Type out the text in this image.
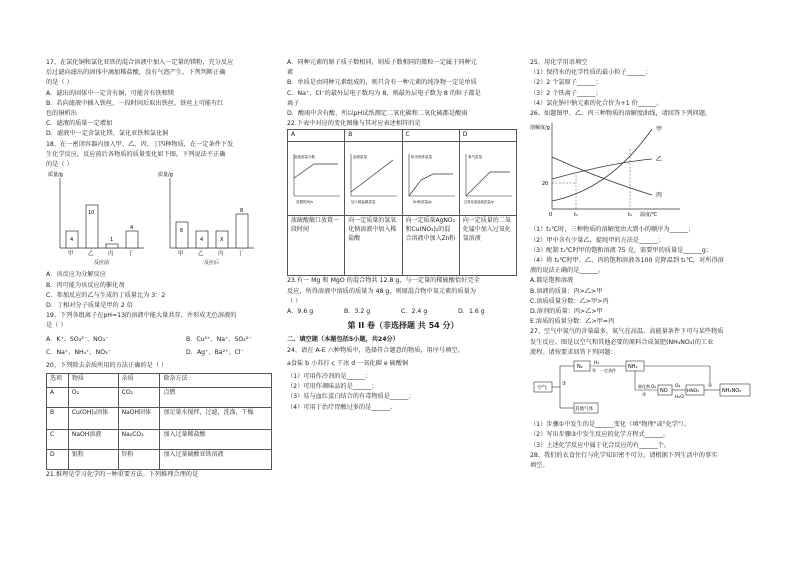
17、在氯化铜和氯化亚铁的混合溶液中加入一定量的镁粉，充分反应

后过滤向滤出的固体中滴加稀盐酸，没有气泡产生。下列判断正确

的是（ ）

A．滤出的固体中一定含有铜，可能含有铁和镁

B．若向滤液中插入铁丝，一段时间后取出铁丝，铁丝上可能有红

色的铜析出

C．滤液的质量一定增加

D．滤液中一定含氯化镁、氯化亚铁和氯化铜

18、在一密闭容器内加入甲、乙、丙、丁四种物质，在一定条件下发

生化学反应，反应前后各物质的质量变化如下图。下列说法不正确

的是（ ）

质量/g
4
10
1
4
甲	乙	丙	丁
反应前
质量/g
6
4	X
8
甲	乙	丙	丁
反应后

A．该反应为分解反应

B．丙可能为该反应的催化剂

C．参加反应的乙与生成的丁质量比为 3：2

D．丁相对分子质量是甲的 2 倍

19、下列各组离子在pH=13的溶液中能大量共存，并形成无色溶液的

是（ ）

A．K⁺、SO₄²⁻、NO₃⁻	B．Cu²⁺、Na⁺、SO₄²⁻

C．Na⁺、NH₄⁺、NO₃⁻	D．Ag⁺、Ba²⁺、Cl⁻

20、下列除去杂质所用的方法正确的是（ ）

选项	物质	杂质	除杂方法
A	O₂	CO₂	点燃
B	Cu(OH)₂固体	NaOH固体	加足量水搅拌，过滤，洗涤，干燥
C	NaOH溶液	Na₂CO₃	加入过量稀盐酸
D	银粉	锌粉	加入过量硫酸亚铁溶液

21.推理是学习化学的一种重要方法。下列推理合理的是

A．同种元素的原子质子数相同，则质子数相同的微粒一定属于同种元

素

B．单质是由同种元素组成的，则只含有一种元素的纯净物一定是单质

C．Na⁺、Cl⁻的最外层电子数均为 8，则最外层电子数为 8 的粒子都是

离子

D．酸雨中含有酸，所以pH试纸测定二氧化碳和二氧化硫都是酸雨

22.下表中对应的变化图像与其对应表述相符的是

A	B	C	D

溶液质量分数
放置时间/s	溶液质量
加入稀盐酸质量	析出固体质量
Zn粉质量/g	氧气质量
过氧化氢溶液质量/g

浓硫酸敞口放置一段时间	向一定质量的氢氧化钠溶液中加入稀盐酸	向一定质量AgNO₃和Cu(NO₃)₂的混合溶液中加入Zn粉	向一定质量的二氧化锰中加入过氧化氢溶液

23.有一 Mg 和 MgO 的混合物共 12.8 g，与一定量的稀硫酸恰好完全

反应，所得溶液中溶质的质量为 48 g，则原混合物中氧元素的质量为

（ ）

A．9.6 g	B．3.2 g	C．2.4 g	D．1.6 g

第 II 卷（非选择题 共 54 分）

二、填空题（本题包括5小题，共24分）

24、请在 A-E 六种物质中，选择符合题意的物质，用序号填空。

a食盐 b 小苏打 c 干冰 d 一氧化碳 e 硫酸铜

（1）可用作冷剂的是______；

（2）可用作调味品的是______；

（3）易与血红蛋白结合的有毒物质是______；

（4）可用于治疗胃酸过多的是______。

25、用化学用语填空

（1）保持水的化学性质的最小粒子______；

（2）2 个氯原子______；

（3）2 个铁离子______；

（4）氯化钠中钠元素的化合价为+1 价______。

26、如题图甲、乙、丙三种物质的溶解度曲线，请回答下列问题。

溶解度/g	甲
乙
丙
20
0	t₁	t₂ 温度/℃

（1）t₁℃时，三种物质的溶解度由大到小的顺序为______；

（2）甲中含有少量乙，提纯甲的方法是______；

（3）配制 t₁℃时甲的饱和溶液 75 克，需要甲的质量是______g；

（4）将 t₂℃时甲、乙、丙的饱和溶液各100 克降温到 t₁℃，对所得溶

液的说法正确的是______。

A.都是饱和溶液

B.溶液的质量：丙>乙>甲

C.溶质质量分数：乙>甲>丙

D.溶剂的质量：丙>乙>甲

E.溶质的质量分数：乙>甲=丙

27、空气中氮气的含量最多，氮气在高温、高能量条件下可与某些物质

发生反应。图是以空气和其他必要的原料合成氮肥(NH₄NO₃)的工业

流程。请按要求回答下列问题：

空气
①
N₂
H₂
② 一定条件
NH₃
催化剂 O₂
③
NO
O₂
H₂O
HNO₃
④
NH₄NO₃
其他气体

（1）步骤①中发生的是______变化（填"物理"或"化学"）。

（2）写出步骤③中发生反应的化学方程式______。

（3）上述化学反应中属于化合反应的有______个。

28、我们的衣食住行与化学知识密不可分。请根据下列生活中的事实

填空。
